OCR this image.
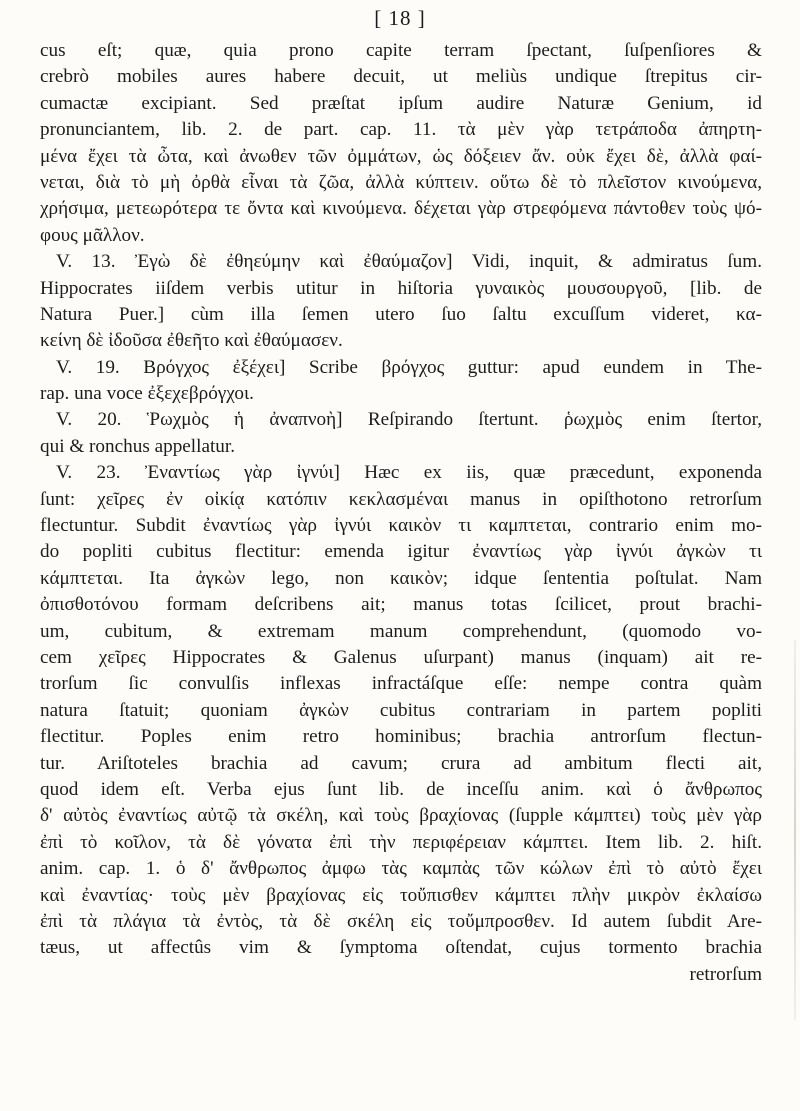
[ 18 ]
cus eſt; quæ, quia prono capite terram ſpectant, ſuſpenſiores &
crebrò mobiles aures habere decuit, ut meliùs undique ſtrepitus cir-
cumactæ excipiant. Sed præſtat ipſum audire Naturæ Genium, id
pronunciantem, lib. 2. de part. cap. 11. τὰ μὲν γὰρ τετράποδα ἀπηρτη-
μένα ἔχει τὰ ὦτα, καὶ ἀνωθεν τῶν ὀμμάτων, ὡς δόξειεν ἄν. οὐκ ἔχει δὲ, ἀλλὰ φαί-
νεται, διὰ τὸ μὴ ὀρθὰ εἶναι τὰ ζῶα, ἀλλὰ κύπτειν. οὕτω δὲ τὸ πλεῖστον κινούμενα,
χρήσιμα, μετεωρότερα τε ὄντα καὶ κινούμενα. δέχεται γὰρ στρεφόμενα πάντοθεν τοὺς ψό-
φους μᾶλλον.
V. 13. Ἐγὼ δὲ ἐθηεύμην καὶ ἐθαύμαζον] Vidi, inquit, & admiratus ſum.
Hippocrates iiſdem verbis utitur in hiſtoria γυναικὸς μουσουργοῦ, [lib. de
Natura Puer.] cùm illa ſemen utero ſuo ſaltu excuſſum videret, κα-
κείνη δὲ ἰδοῦσα ἐθεῆτο καὶ ἐθαύμασεν.
V. 19. Βρόγχος ἐξέχει] Scribe βρόγχος guttur: apud eundem in The-
rap. una voce ἐξεχεβρόγχοι.
V. 20. Ῥωχμὸς ἡ ἀναπνοὴ] Reſpirando ſtertunt. ῥωχμὸς enim ſtertor,
qui & ronchus appellatur.
V. 23. Ἐναντίως γὰρ ἰγνύι] Hæc ex iis, quæ præcedunt, exponenda
ſunt: χεῖρες ἐν οἰκίᾳ κατόπιν κεκλασμέναι manus in opiſthotono retrorſum
flectuntur. Subdit ἐναντίως γὰρ ἰγνύι καικὸν τι καμπτεται, contrario enim mo-
do popliti cubitus flectitur: emenda igitur ἐναντίως γὰρ ἰγνύι ἀγκὼν τι
κάμπτεται. Ita ἀγκὼν lego, non καικὸν; idque ſententia poſtulat. Nam
ὀπισθοτόνου formam deſcribens ait; manus totas ſcilicet, prout brachi-
um, cubitum, & extremam manum comprehendunt, (quomodo vo-
cem χεῖρες Hippocrates & Galenus uſurpant) manus (inquam) ait re-
trorſum ſic convulſis inflexas infractáſque eſſe: nempe contra quàm
natura ſtatuit; quoniam ἀγκὼν cubitus contrariam in partem popliti
flectitur. Poples enim retro hominibus; brachia antrorſum flectun-
tur. Ariſtoteles brachia ad cavum; crura ad ambitum flecti ait,
quod idem eſt. Verba ejus ſunt lib. de inceſſu anim. καὶ ὁ ἄνθρωπος
δ' αὐτὸς ἐναντίως αὐτῷ τὰ σκέλη, καὶ τοὺς βραχίονας (ſupple κάμπτει) τοὺς μὲν γὰρ
ἐπὶ τὸ κοῖλον, τὰ δὲ γόνατα ἐπὶ τὴν περιφέρειαν κάμπτει. Item lib. 2. hiſt.
anim. cap. 1. ὁ δ' ἄνθρωπος ἀμφω τὰς καμπὰς τῶν κώλων ἐπὶ τὸ αὐτὸ ἔχει
καὶ ἐναντίας· τοὺς μὲν βραχίονας εἰς τοὔπισθεν κάμπτει πλὴν μικρὸν ἐκλαίσω
ἐπὶ τὰ πλάγια τὰ ἐντὸς, τὰ δὲ σκέλη εἰς τοὔμπροσθεν. Id autem ſubdit Are-
tæus, ut affectûs vim & ſymptoma oſtendat, cujus tormento brachia
retrorſum
